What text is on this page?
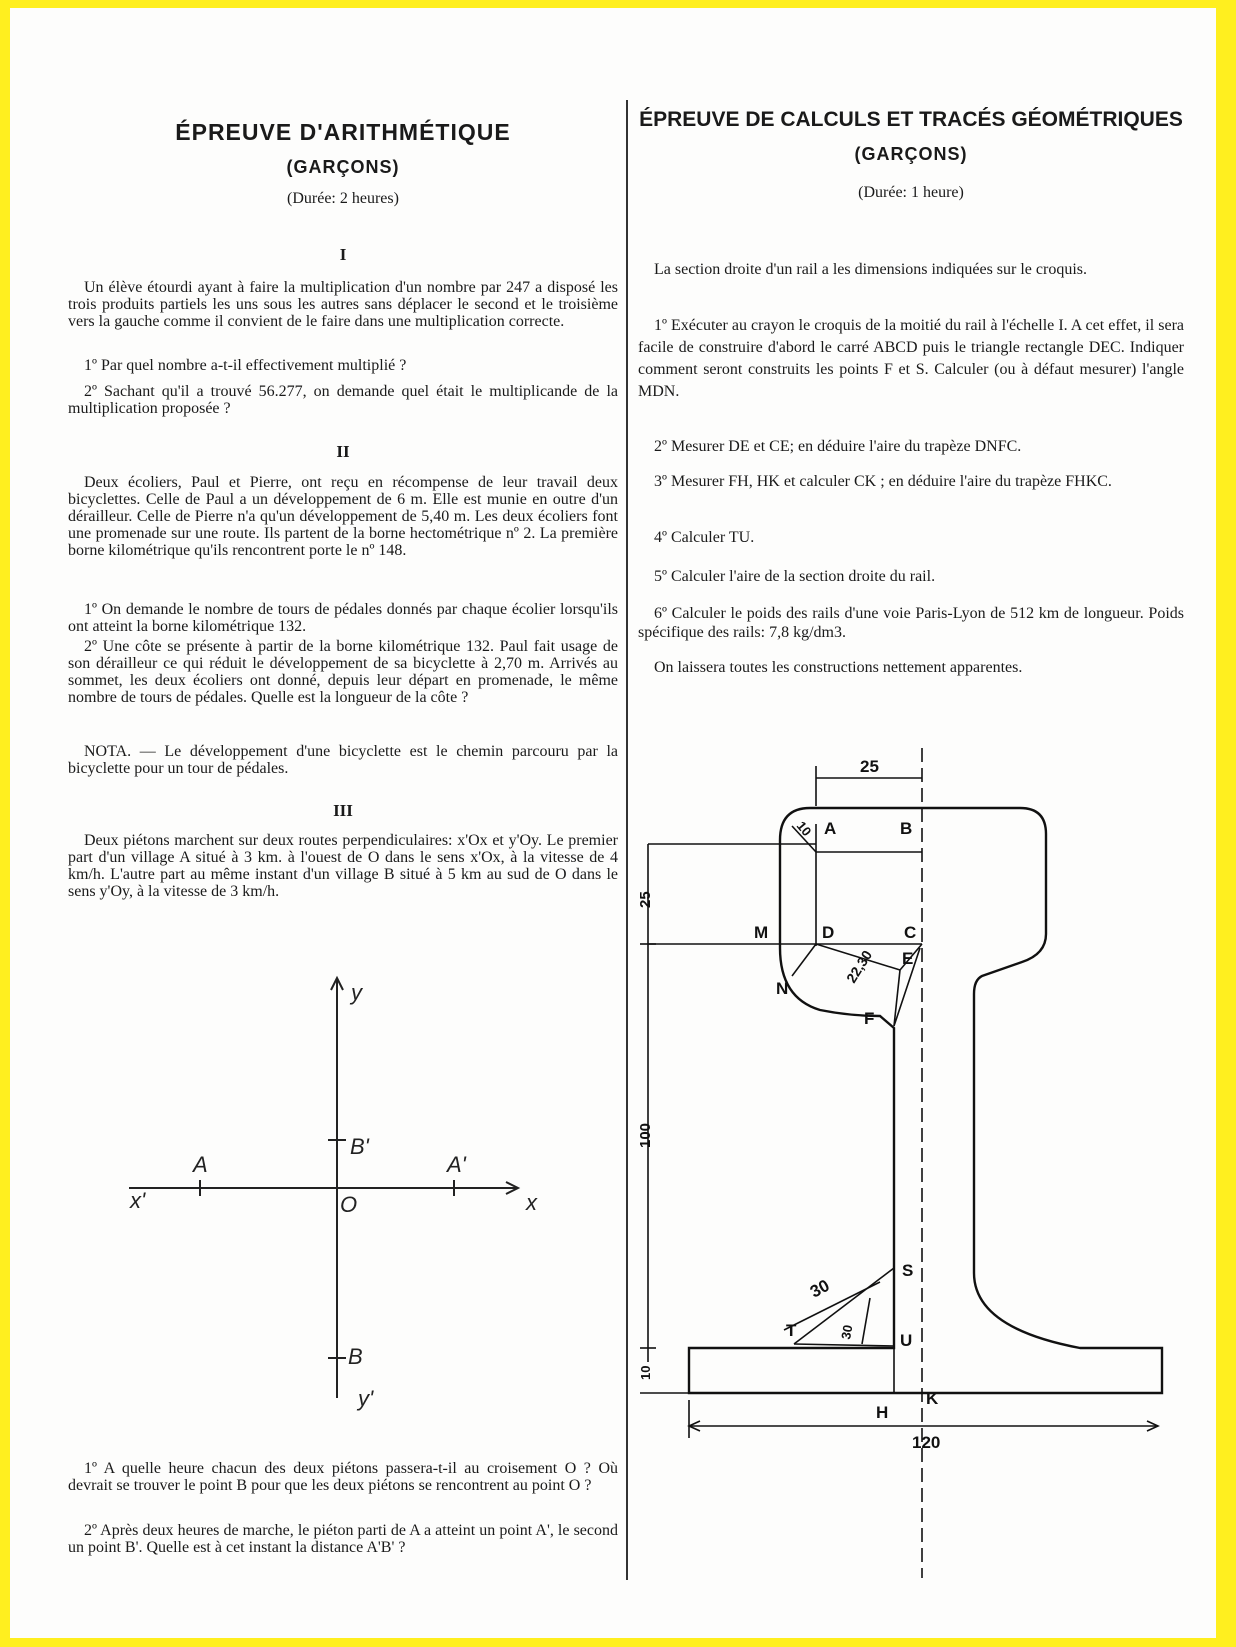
ÉPREUVE D'ARITHMÉTIQUE
(GARÇONS)
(Durée: 2 heures)
I

Un élève étourdi ayant à faire la multiplication d'un nombre par 247 a disposé les trois produits partiels les uns sous les autres sans déplacer le second et le troisième vers la gauche comme il convient de le faire dans une multiplication correcte.

1º Par quel nombre a-t-il effectivement multiplié ?

2º Sachant qu'il a trouvé 56.277, on demande quel était le multiplicande de la multiplication proposée ?

II

Deux écoliers, Paul et Pierre, ont reçu en récompense de leur travail deux bicyclettes. Celle de Paul a un développement de 6 m. Elle est munie en outre d'un dérailleur. Celle de Pierre n'a qu'un développement de 5,40 m. Les deux écoliers font une promenade sur une route. Ils partent de la borne hectométrique nº 2. La première borne kilométrique qu'ils rencontrent porte le nº 148.

1º On demande le nombre de tours de pédales donnés par chaque écolier lorsqu'ils ont atteint la borne kilométrique 132.

2º Une côte se présente à partir de la borne kilométrique 132. Paul fait usage de son dérailleur ce qui réduit le développement de sa bicyclette à 2,70 m. Arrivés au sommet, les deux écoliers ont donné, depuis leur départ en promenade, le même nombre de tours de pédales. Quelle est la longueur de la côte ?

NOTA. — Le développement d'une bicyclette est le chemin parcouru par la bicyclette pour un tour de pédales.

III

Deux piétons marchent sur deux routes perpendiculaires: x'Ox et y'Oy. Le premier part d'un village A situé à 3 km. à l'ouest de O dans le sens x'Ox, à la vitesse de 4 km/h. L'autre part au même instant d'un village B situé à 5 km au sud de O dans le sens y'Oy, à la vitesse de 3 km/h.

y
y'
x
x'	O
A	A'
B'
B

1º A quelle heure chacun des deux piétons passera-t-il au croisement O ? Où devrait se trouver le point B pour que les deux piétons se rencontrent au point O ?

2º Après deux heures de marche, le piéton parti de A a atteint un point A', le second un point B'. Quelle est à cet instant la distance A'B' ?

ÉPREUVE DE CALCULS ET TRACÉS GÉOMÉTRIQUES
(GARÇONS)
(Durée: 1 heure)

La section droite d'un rail a les dimensions indiquées sur le croquis.

1º Exécuter au crayon le croquis de la moitié du rail à l'échelle I. A cet effet, il sera facile de construire d'abord le carré ABCD puis le triangle rectangle DEC. Indiquer comment seront construits les points F et S. Calculer (ou à défaut mesurer) l'angle MDN.

2º Mesurer DE et CE; en déduire l'aire du trapèze DNFC.

3º Mesurer FH, HK et calculer CK ; en déduire l'aire du trapèze FHKC.

4º Calculer TU.

5º Calculer l'aire de la section droite du rail.

6º Calculer le poids des rails d'une voie Paris-Lyon de 512 km de longueur. Poids spécifique des rails: 7,8 kg/dm3.

On laissera toutes les constructions nettement apparentes.

25
10
25
100
10
22,30
30
30
120
A	B
C
D
E
F
M
N
S
T
U
H
K
